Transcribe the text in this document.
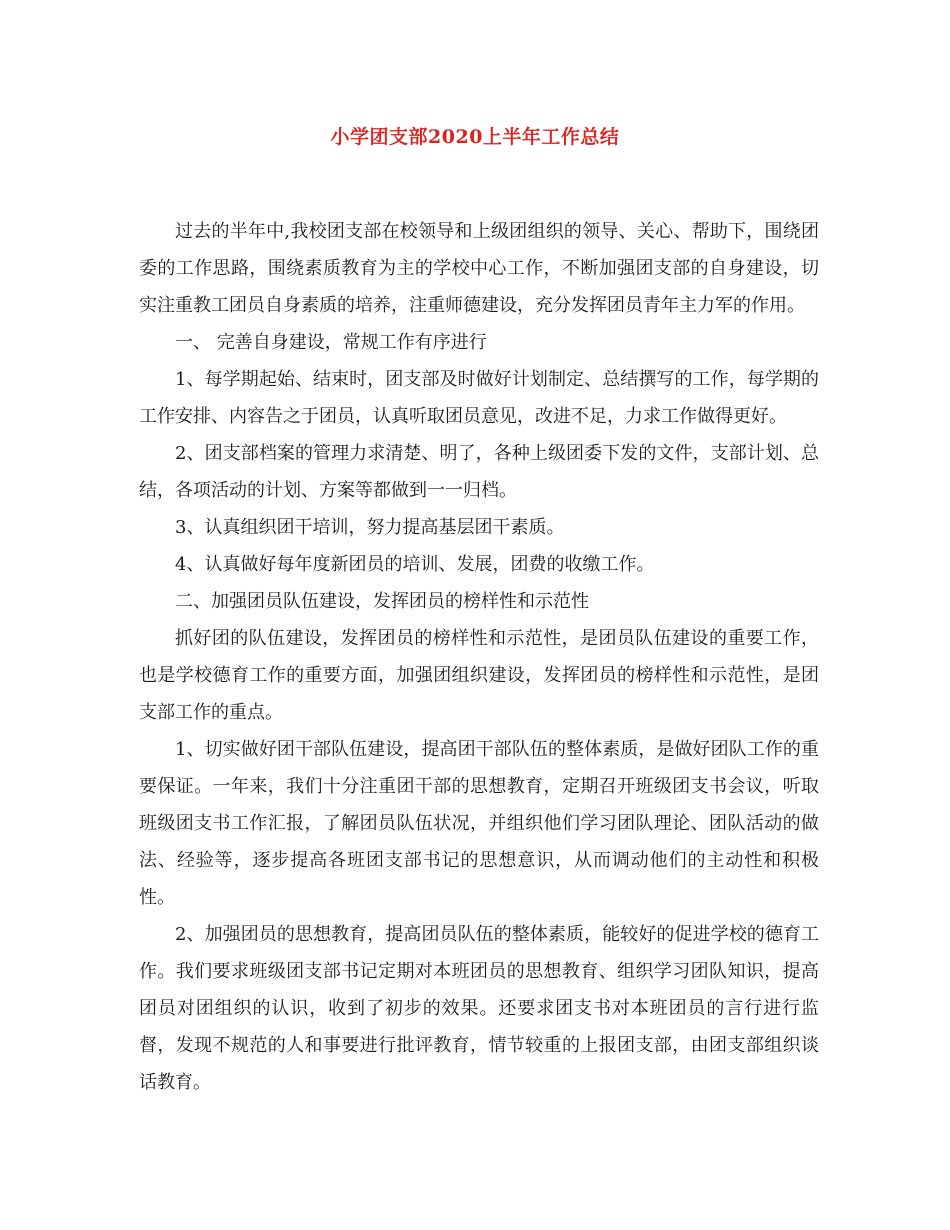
小学团支部2020上半年工作总结

过去的半年中,我校团支部在校领导和上级团组织的领导、关心、帮助下，围绕团委的工作思路，围绕素质教育为主的学校中心工作，不断加强团支部的自身建设，切实注重教工团员自身素质的培养，注重师德建设，充分发挥团员青年主力军的作用。

一、 完善自身建设，常规工作有序进行

1、每学期起始、结束时，团支部及时做好计划制定、总结撰写的工作，每学期的工作安排、内容告之于团员，认真听取团员意见，改进不足，力求工作做得更好。

2、团支部档案的管理力求清楚、明了，各种上级团委下发的文件，支部计划、总结，各项活动的计划、方案等都做到一一归档。

3、认真组织团干培训，努力提高基层团干素质。

4、认真做好每年度新团员的培训、发展，团费的收缴工作。

二、加强团员队伍建设，发挥团员的榜样性和示范性

抓好团的队伍建设，发挥团员的榜样性和示范性，是团员队伍建设的重要工作，也是学校德育工作的重要方面，加强团组织建设，发挥团员的榜样性和示范性，是团支部工作的重点。

1、切实做好团干部队伍建设，提高团干部队伍的整体素质，是做好团队工作的重要保证。一年来，我们十分注重团干部的思想教育，定期召开班级团支书会议，听取班级团支书工作汇报，了解团员队伍状况，并组织他们学习团队理论、团队活动的做法、经验等，逐步提高各班团支部书记的思想意识，从而调动他们的主动性和积极性。

2、加强团员的思想教育，提高团员队伍的整体素质，能较好的促进学校的德育工作。我们要求班级团支部书记定期对本班团员的思想教育、组织学习团队知识，提高团员对团组织的认识，收到了初步的效果。还要求团支书对本班团员的言行进行监督，发现不规范的人和事要进行批评教育，情节较重的上报团支部，由团支部组织谈话教育。
